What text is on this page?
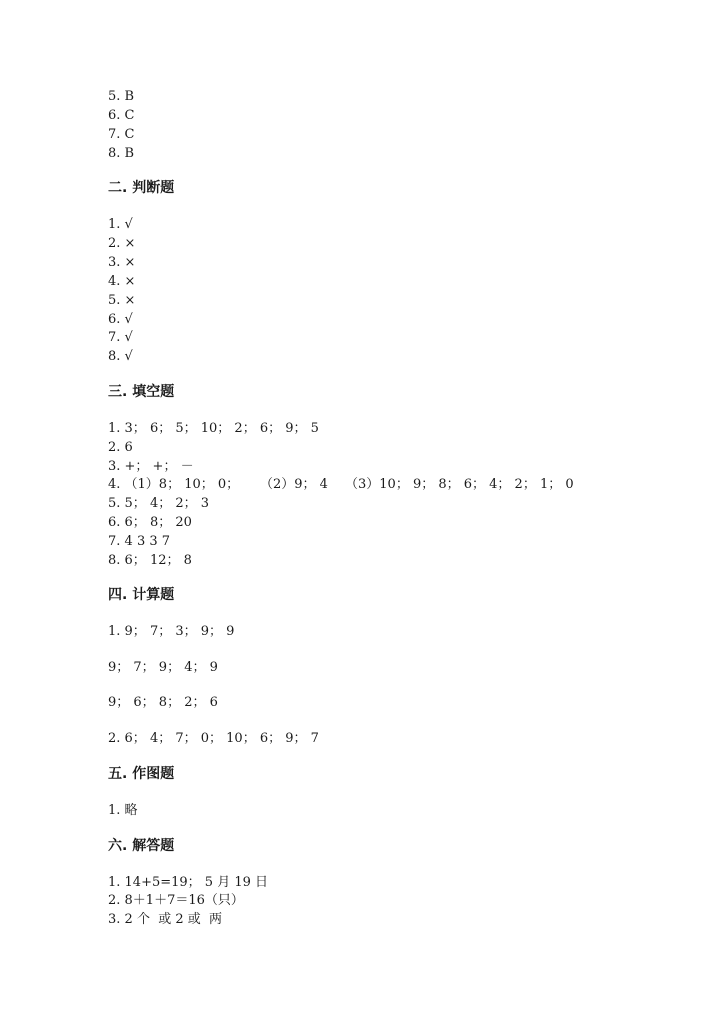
5. B
6. C
7. C
8. B
二. 判断题
1. √
2. ×
3. ×
4. ×
5. ×
6. √
7. √
8. √
三. 填空题
1. 3； 6； 5； 10； 2； 6； 9； 5
2. 6
3. +； +； －
4. （1）8； 10； 0； （2）9； 4 （3）10； 9； 8； 6； 4； 2； 1； 0
5. 5； 4； 2； 3
6. 6； 8； 20
7. 4 3 3 7
8. 6； 12； 8
四. 计算题
1. 9； 7； 3； 9； 9
9； 7； 9； 4； 9
9； 6； 8； 2； 6
2. 6； 4； 7； 0； 10； 6； 9； 7
五. 作图题
1. 略
六. 解答题
1. 14+5=19； 5 月 19 日
2. 8＋1＋7＝16（只）
3. 2 个  或 2 或  两
